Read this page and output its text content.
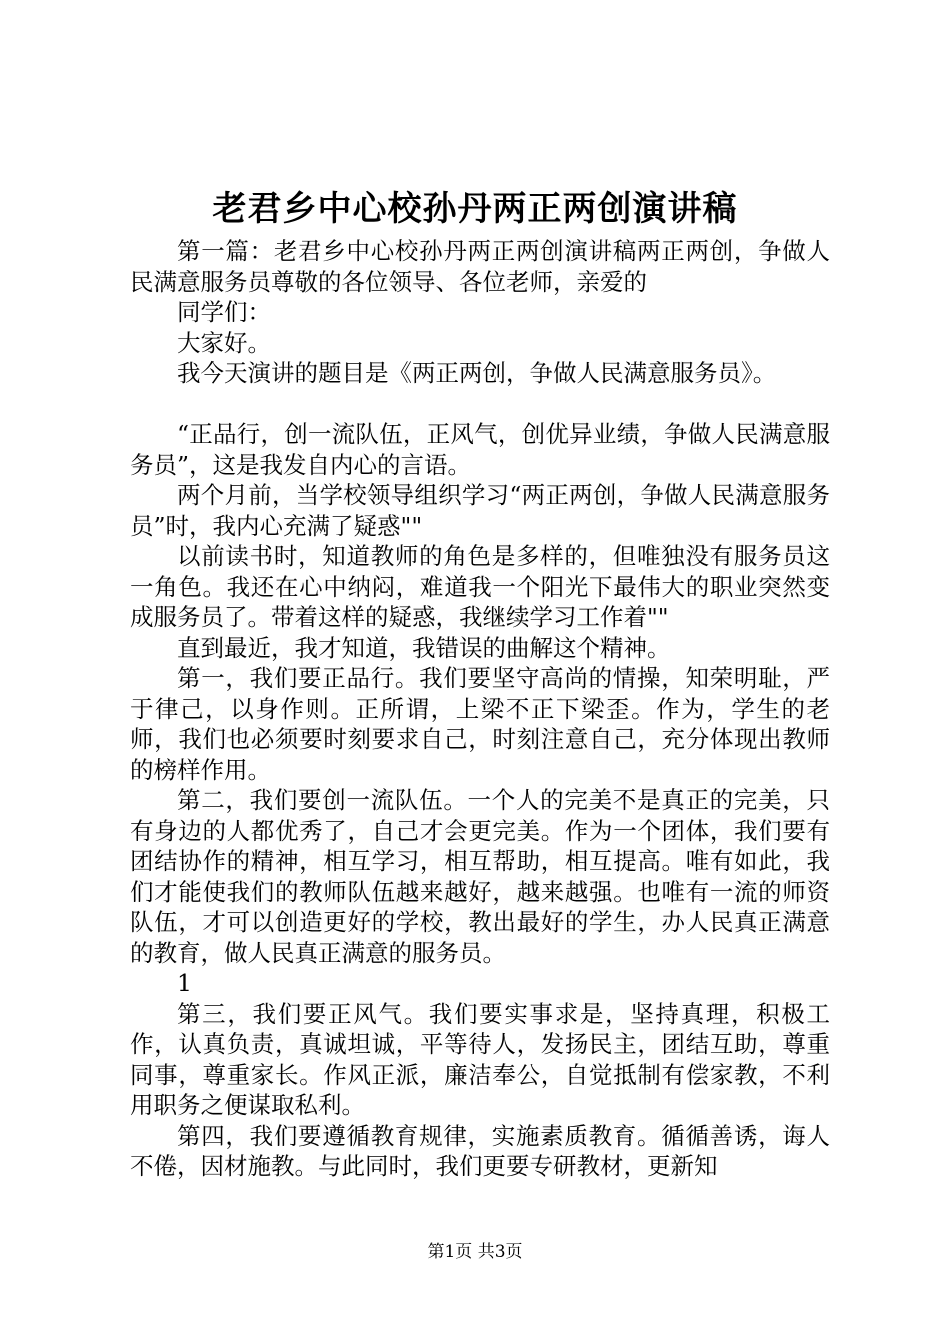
老君乡中心校孙丹两正两创演讲稿

第一篇：老君乡中心校孙丹两正两创演讲稿两正两创，争做人民满意服务员尊敬的各位领导、各位老师，亲爱的

同学们：

大家好。

我今天演讲的题目是《两正两创，争做人民满意服务员》。

“正品行，创一流队伍，正风气，创优异业绩，争做人民满意服务员”，这是我发自内心的言语。

两个月前，当学校领导组织学习“两正两创，争做人民满意服务员”时，我内心充满了疑惑""

以前读书时，知道教师的角色是多样的，但唯独没有服务员这一角色。我还在心中纳闷，难道我一个阳光下最伟大的职业突然变成服务员了。带着这样的疑惑，我继续学习工作着""

直到最近，我才知道，我错误的曲解这个精神。

第一，我们要正品行。我们要坚守高尚的情操，知荣明耻，严于律己，以身作则。正所谓，上梁不正下梁歪。作为，学生的老师，我们也必须要时刻要求自己，时刻注意自己，充分体现出教师的榜样作用。

第二，我们要创一流队伍。一个人的完美不是真正的完美，只有身边的人都优秀了，自己才会更完美。作为一个团体，我们要有团结协作的精神，相互学习，相互帮助，相互提高。唯有如此，我们才能使我们的教师队伍越来越好，越来越强。也唯有一流的师资队伍，才可以创造更好的学校，教出最好的学生，办人民真正满意的教育，做人民真正满意的服务员。

1

第三，我们要正风气。我们要实事求是，坚持真理，积极工作，认真负责，真诚坦诚，平等待人，发扬民主，团结互助，尊重同事，尊重家长。作风正派，廉洁奉公，自觉抵制有偿家教，不利用职务之便谋取私利。

第四，我们要遵循教育规律，实施素质教育。循循善诱，诲人不倦，因材施教。与此同时，我们更要专研教材，更新知

第1页 共3页
